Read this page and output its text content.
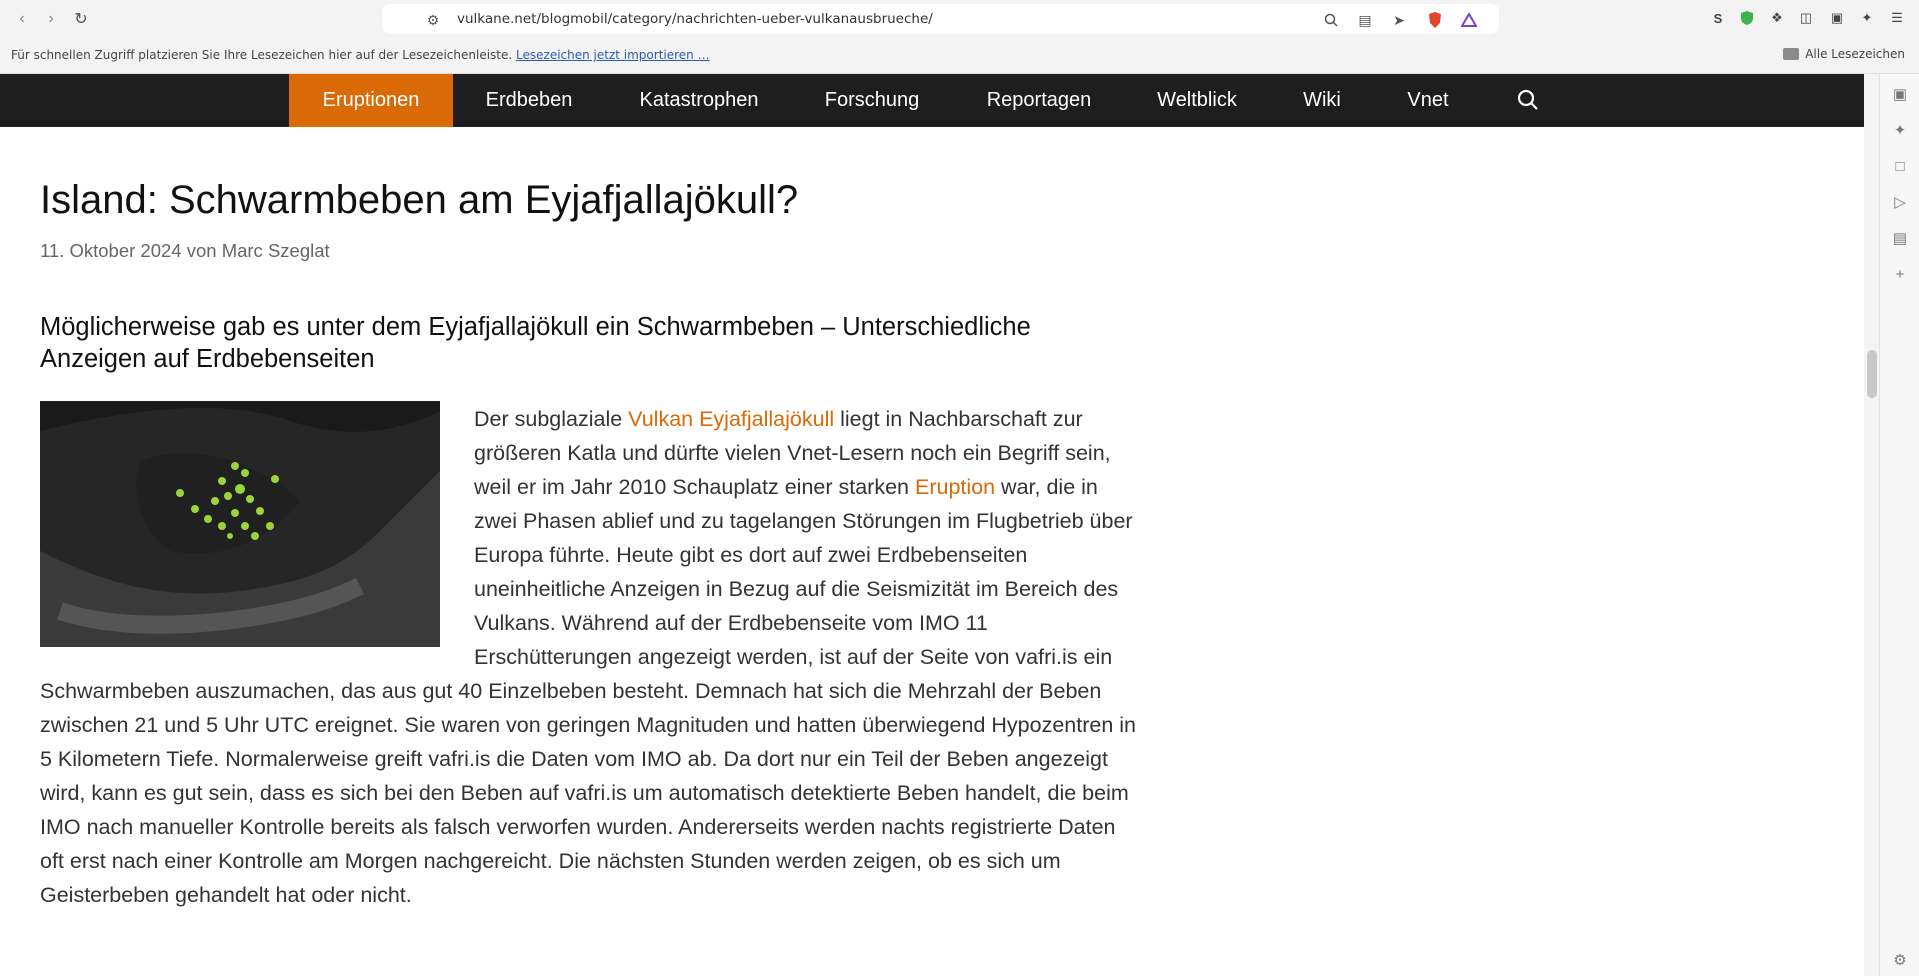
‹	›	↻	⚙ vulkane.net/blogmobil/category/nachrichten-ueber-vulkanausbrueche/	▤ ➤	S	❖ ◫ ▣ ✦ ☰
Für schnellen Zugriff platzieren Sie Ihre Lesezeichen hier auf der Lesezeichenleiste. Lesezeichen jetzt importieren …	Alle Lesezeichen
Eruptionen	Erdbeben	Katastrophen	Forschung	Reportagen	Weltblick	Wiki	Vnet	▣
✦
□
▷
▤
+
⚙
Island: Schwarmbeben am Eyjafjallajökull?
11. Oktober 2024 von Marc Szeglat
Möglicherweise gab es unter dem Eyjafjallajökull ein Schwarmbeben – Unterschiedliche Anzeigen auf Erdbebenseiten
Der subglaziale Vulkan Eyjafjallajökull liegt in Nachbarschaft zur größeren Katla und dürfte vielen Vnet-Lesern noch ein Begriff sein, weil er im Jahr 2010 Schauplatz einer starken Eruption war, die in zwei Phasen ablief und zu tagelangen Störungen im Flugbetrieb über Europa führte. Heute gibt es dort auf zwei Erdbebenseiten uneinheitliche Anzeigen in Bezug auf die Seismizität im Bereich des Vulkans. Während auf der Erdbebenseite vom IMO 11 Erschütterungen angezeigt werden, ist auf der Seite von vafri.is ein Schwarmbeben auszumachen, das aus gut 40 Einzelbeben besteht. Demnach hat sich die Mehrzahl der Beben zwischen 21 und 5 Uhr UTC ereignet. Sie waren von geringen Magnituden und hatten überwiegend Hypozentren in 5 Kilometern Tiefe. Normalerweise greift vafri.is die Daten vom IMO ab. Da dort nur ein Teil der Beben angezeigt wird, kann es gut sein, dass es sich bei den Beben auf vafri.is um automatisch detektierte Beben handelt, die beim IMO nach manueller Kontrolle bereits als falsch verworfen wurden. Andererseits werden nachts registrierte Daten oft erst nach einer Kontrolle am Morgen nachgereicht. Die nächsten Stunden werden zeigen, ob es sich um Geisterbeben gehandelt hat oder nicht.
